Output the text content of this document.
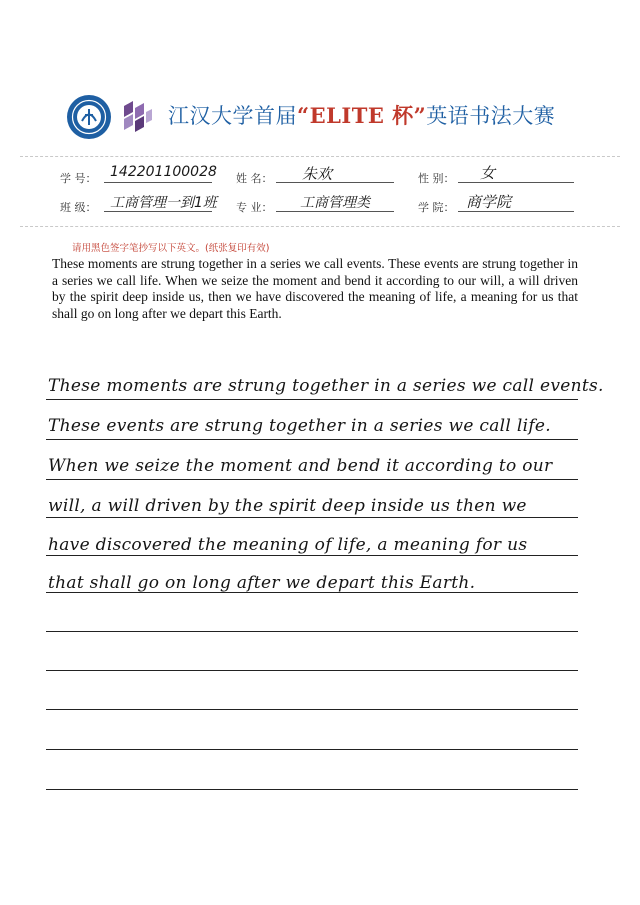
江汉大学首届“ELITE 杯”英语书法大赛
学 号： 142201100028 姓 名： 朱欢	性 别： 女
班 级： 工商管理一到1班 专 业： 工商管理类	学 院： 商学院
请用黑色签字笔抄写以下英文。(纸张复印有效)
These moments are strung together in a series we call events. These events are strung together in a series we call life. When we seize the moment and bend it according to our will, a will driven by the spirit deep inside us, then we have discovered the meaning of life, a meaning for us that shall go on long after we depart this Earth.
These moments are strung together in a series we call events.
These events are strung together in a series we call life.
When we seize the moment and bend it according to our
will, a will driven by the spirit deep inside us then we
have discovered the meaning of life, a meaning for us
that shall go on long after we depart this Earth.
